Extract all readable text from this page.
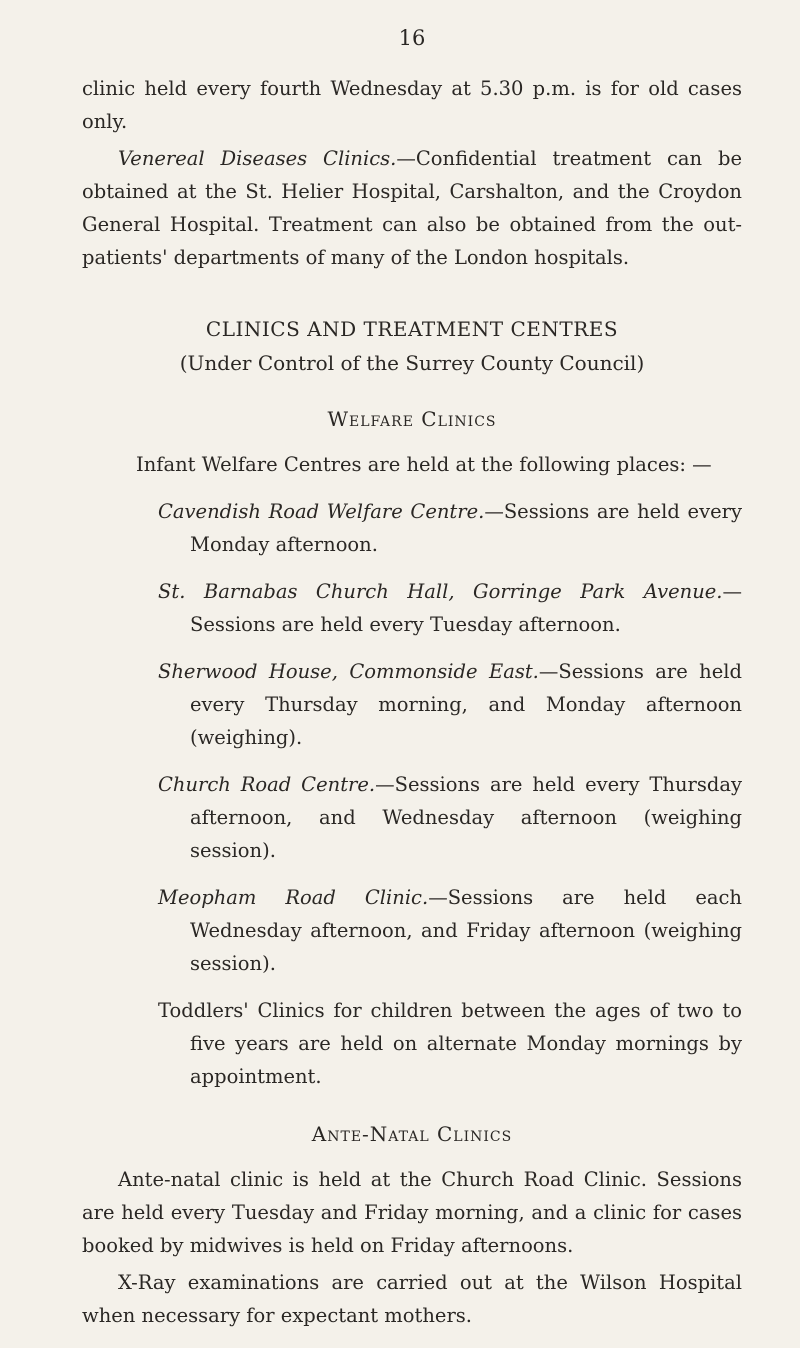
16

clinic held every fourth Wednesday at 5.30 p.m. is for old cases only.

Venereal Diseases Clinics.—Confidential treatment can be obtained at the St. Helier Hospital, Carshalton, and the Croydon General Hospital. Treatment can also be obtained from the out-patients' departments of many of the London hospitals.

CLINICS AND TREATMENT CENTRES
(Under Control of the Surrey County Council)
Welfare Clinics

Infant Welfare Centres are held at the following places: —

Cavendish Road Welfare Centre.—Sessions are held every Monday afternoon.

St. Barnabas Church Hall, Gorringe Park Avenue.—Sessions are held every Tuesday afternoon.

Sherwood House, Commonside East.—Sessions are held every Thursday morning, and Monday afternoon (weighing).

Church Road Centre.—Sessions are held every Thursday afternoon, and Wednesday afternoon (weighing session).

Meopham Road Clinic.—Sessions are held each Wednesday afternoon, and Friday afternoon (weighing session).

Toddlers' Clinics for children between the ages of two to five years are held on alternate Monday mornings by appointment.

Ante-Natal Clinics

Ante-natal clinic is held at the Church Road Clinic. Sessions are held every Tuesday and Friday morning, and a clinic for cases booked by midwives is held on Friday afternoons.

X-Ray examinations are carried out at the Wilson Hospital when necessary for expectant mothers.
